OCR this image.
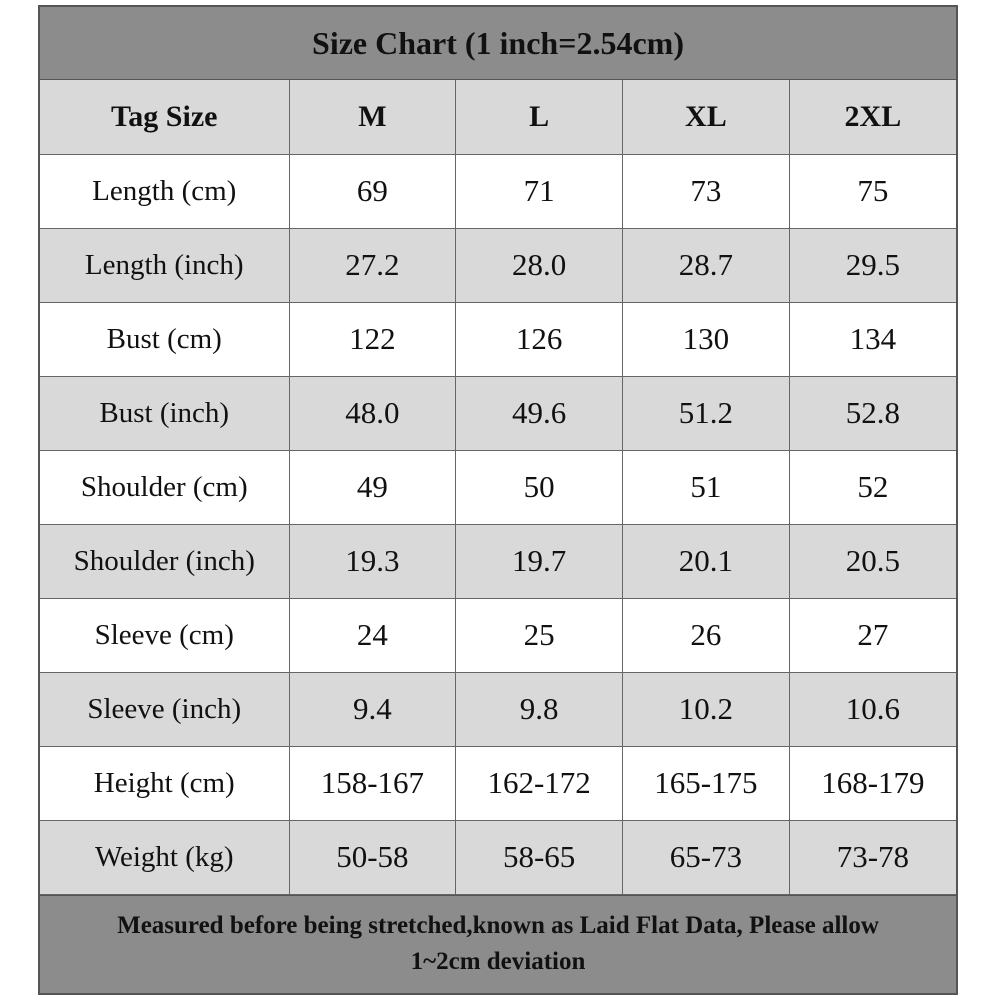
Size Chart (1 inch=2.54cm)
Tag Size	M	L	XL	2XL
Length (cm)	69	71	73	75
Length (inch)	27.2	28.0	28.7	29.5
Bust (cm)	122	126	130	134
Bust (inch)	48.0	49.6	51.2	52.8
Shoulder (cm)	49	50	51	52
Shoulder (inch)	19.3	19.7	20.1	20.5
Sleeve (cm)	24	25	26	27
Sleeve (inch)	9.4	9.8	10.2	10.6
Height (cm)	158-167	162-172	165-175	168-179
Weight (kg)	50-58	58-65	65-73	73-78
Measured before being stretched,known as Laid Flat Data, Please allow
1~2cm deviation
